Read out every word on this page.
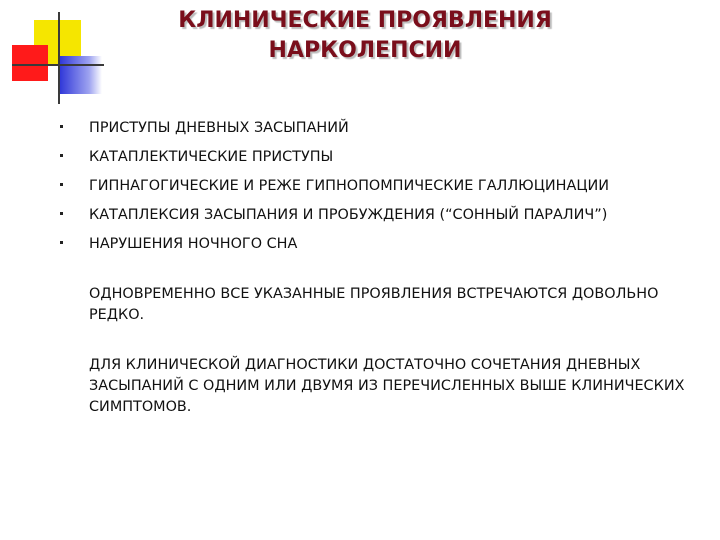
КЛИНИЧЕСКИЕ ПРОЯВЛЕНИЯ
НАРКОЛЕПСИИ
ПРИСТУПЫ ДНЕВНЫХ ЗАСЫПАНИЙ
КАТАПЛЕКТИЧЕСКИЕ ПРИСТУПЫ
ГИПНАГОГИЧЕСКИЕ И РЕЖЕ ГИПНОПОМПИЧЕСКИЕ ГАЛЛЮЦИНАЦИИ
КАТАПЛЕКСИЯ ЗАСЫПАНИЯ И ПРОБУЖДЕНИЯ (“СОННЫЙ ПАРАЛИЧ”)
НАРУШЕНИЯ НОЧНОГО СНА

ОДНОВРЕМЕННО ВСЕ УКАЗАННЫЕ ПРОЯВЛЕНИЯ ВСТРЕЧАЮТСЯ ДОВОЛЬНО РЕДКО.

ДЛЯ КЛИНИЧЕСКОЙ ДИАГНОСТИКИ ДОСТАТОЧНО СОЧЕТАНИЯ ДНЕВНЫХ ЗАСЫПАНИЙ С ОДНИМ ИЛИ ДВУМЯ ИЗ ПЕРЕЧИСЛЕННЫХ ВЫШЕ КЛИНИЧЕСКИХ СИМПТОМОВ.
